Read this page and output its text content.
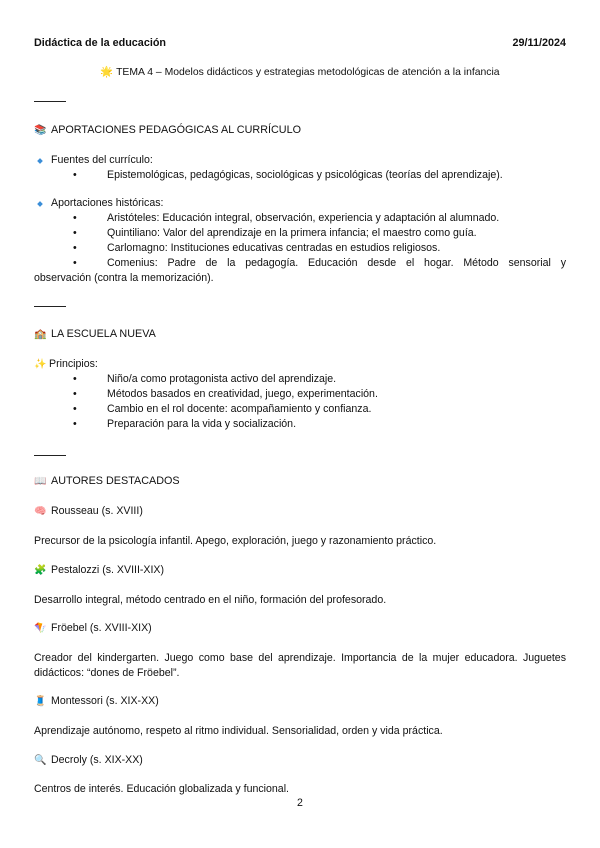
Didáctica de la educación	29/11/2024
🌟 TEMA 4 – Modelos didácticos y estrategias metodológicas de atención a la infancia
📚 APORTACIONES PEDAGÓGICAS AL CURRÍCULO
Fuentes del currículo:
• Epistemológicas, pedagógicas, sociológicas y psicológicas (teorías del aprendizaje).
Aportaciones históricas:
• Aristóteles: Educación integral, observación, experiencia y adaptación al alumnado.
• Quintiliano: Valor del aprendizaje en la primera infancia; el maestro como guía.
• Carlomagno: Instituciones educativas centradas en estudios religiosos.
• Comenius: Padre de la pedagogía. Educación desde el hogar. Método sensorial y
observación (contra la memorización).
🏫 LA ESCUELA NUEVA
✨ Principios:
• Niño/a como protagonista activo del aprendizaje.
• Métodos basados en creatividad, juego, experimentación.
• Cambio en el rol docente: acompañamiento y confianza.
• Preparación para la vida y socialización.
📖 AUTORES DESTACADOS
🧠 Rousseau (s. XVIII)
Precursor de la psicología infantil. Apego, exploración, juego y razonamiento práctico.
🧩 Pestalozzi (s. XVIII-XIX)
Desarrollo integral, método centrado en el niño, formación del profesorado.
🪁 Fröebel (s. XVIII-XIX)
Creador del kindergarten. Juego como base del aprendizaje. Importancia de la mujer educadora. Juguetes didácticos: “dones de Fröebel”.
🧵 Montessori (s. XIX-XX)
Aprendizaje autónomo, respeto al ritmo individual. Sensorialidad, orden y vida práctica.
🔍 Decroly (s. XIX-XX)
Centros de interés. Educación globalizada y funcional.
2
